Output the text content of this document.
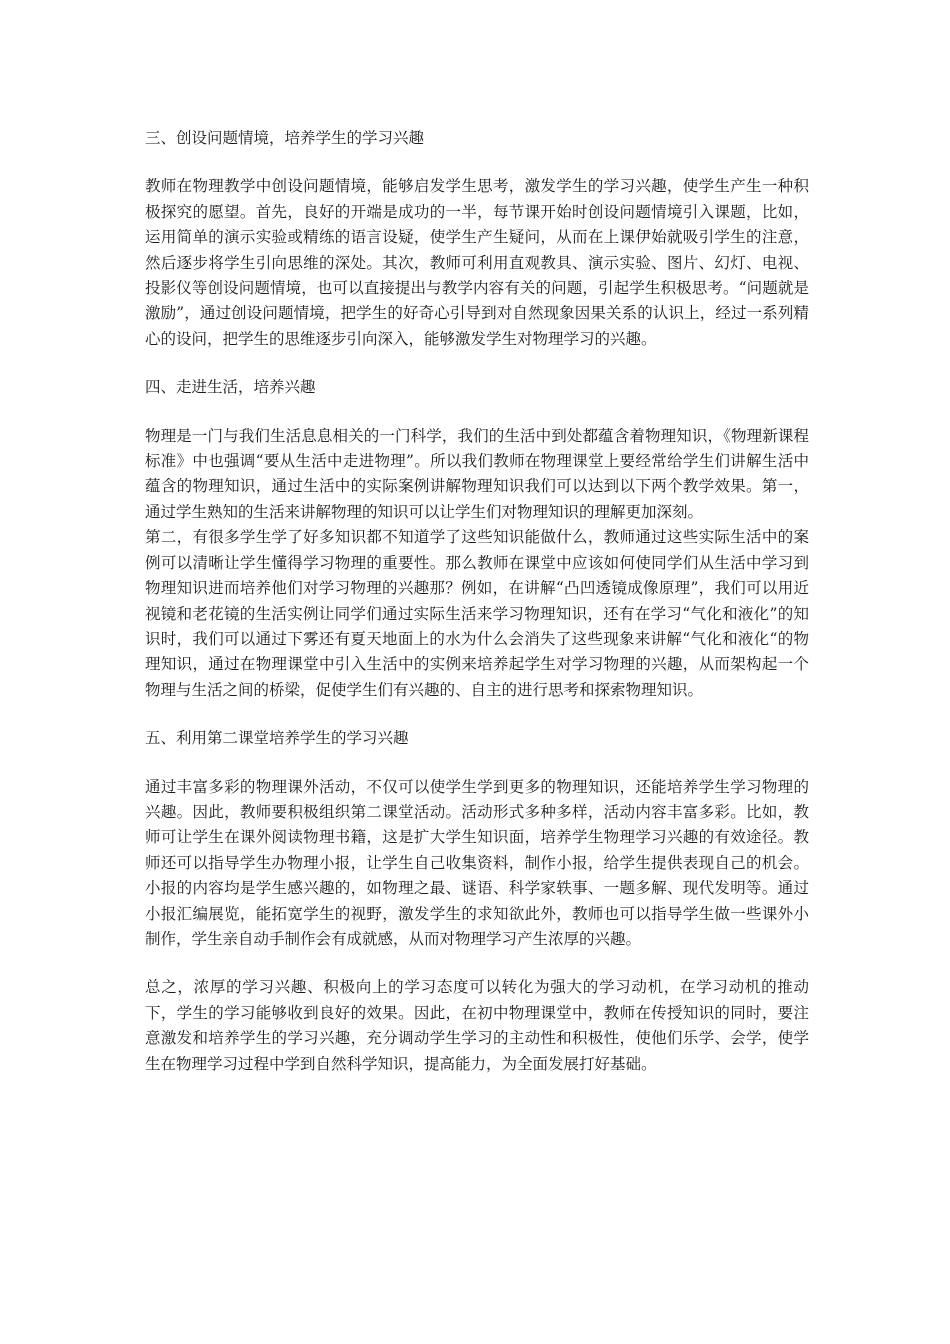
三、创设问题情境，培养学生的学习兴趣
教师在物理教学中创设问题情境，能够启发学生思考，激发学生的学习兴趣，使学生产生一种积极探究的愿望。首先，良好的开端是成功的一半，每节课开始时创设问题情境引入课题，比如，运用简单的演示实验或精练的语言设疑，使学生产生疑问，从而在上课伊始就吸引学生的注意，然后逐步将学生引向思维的深处。其次，教师可利用直观教具、演示实验、图片、幻灯、电视、投影仪等创设问题情境，也可以直接提出与教学内容有关的问题，引起学生积极思考。“问题就是激励”，通过创设问题情境，把学生的好奇心引导到对自然现象因果关系的认识上，经过一系列精心的设问，把学生的思维逐步引向深入，能够激发学生对物理学习的兴趣。
四、走进生活，培养兴趣
物理是一门与我们生活息息相关的一门科学，我们的生活中到处都蕴含着物理知识，《物理新课程标准》中也强调“要从生活中走进物理”。所以我们教师在物理课堂上要经常给学生们讲解生活中蕴含的物理知识，通过生活中的实际案例讲解物理知识我们可以达到以下两个教学效果。第一，通过学生熟知的生活来讲解物理的知识可以让学生们对物理知识的理解更加深刻。
第二，有很多学生学了好多知识都不知道学了这些知识能做什么，教师通过这些实际生活中的案例可以清晰让学生懂得学习物理的重要性。那么教师在课堂中应该如何使同学们从生活中学习到物理知识进而培养他们对学习物理的兴趣那？例如，在讲解“凸凹透镜成像原理”，我们可以用近视镜和老花镜的生活实例让同学们通过实际生活来学习物理知识，还有在学习“气化和液化”的知识时，我们可以通过下雾还有夏天地面上的水为什么会消失了这些现象来讲解“气化和液化“的物理知识，通过在物理课堂中引入生活中的实例来培养起学生对学习物理的兴趣，从而架构起一个物理与生活之间的桥梁，促使学生们有兴趣的、自主的进行思考和探索物理知识。
五、利用第二课堂培养学生的学习兴趣
通过丰富多彩的物理课外活动，不仅可以使学生学到更多的物理知识，还能培养学生学习物理的兴趣。因此，教师要积极组织第二课堂活动。活动形式多种多样，活动内容丰富多彩。比如，教师可让学生在课外阅读物理书籍，这是扩大学生知识面，培养学生物理学习兴趣的有效途径。教师还可以指导学生办物理小报，让学生自己收集资料，制作小报，给学生提供表现自己的机会。小报的内容均是学生感兴趣的，如物理之最、谜语、科学家轶事、一题多解、现代发明等。通过小报汇编展览，能拓宽学生的视野，激发学生的求知欲此外，教师也可以指导学生做一些课外小制作，学生亲自动手制作会有成就感，从而对物理学习产生浓厚的兴趣。
总之，浓厚的学习兴趣、积极向上的学习态度可以转化为强大的学习动机，在学习动机的推动下，学生的学习能够收到良好的效果。因此，在初中物理课堂中，教师在传授知识的同时，要注意激发和培养学生的学习兴趣，充分调动学生学习的主动性和积极性，使他们乐学、会学，使学生在物理学习过程中学到自然科学知识，提高能力，为全面发展打好基础。
